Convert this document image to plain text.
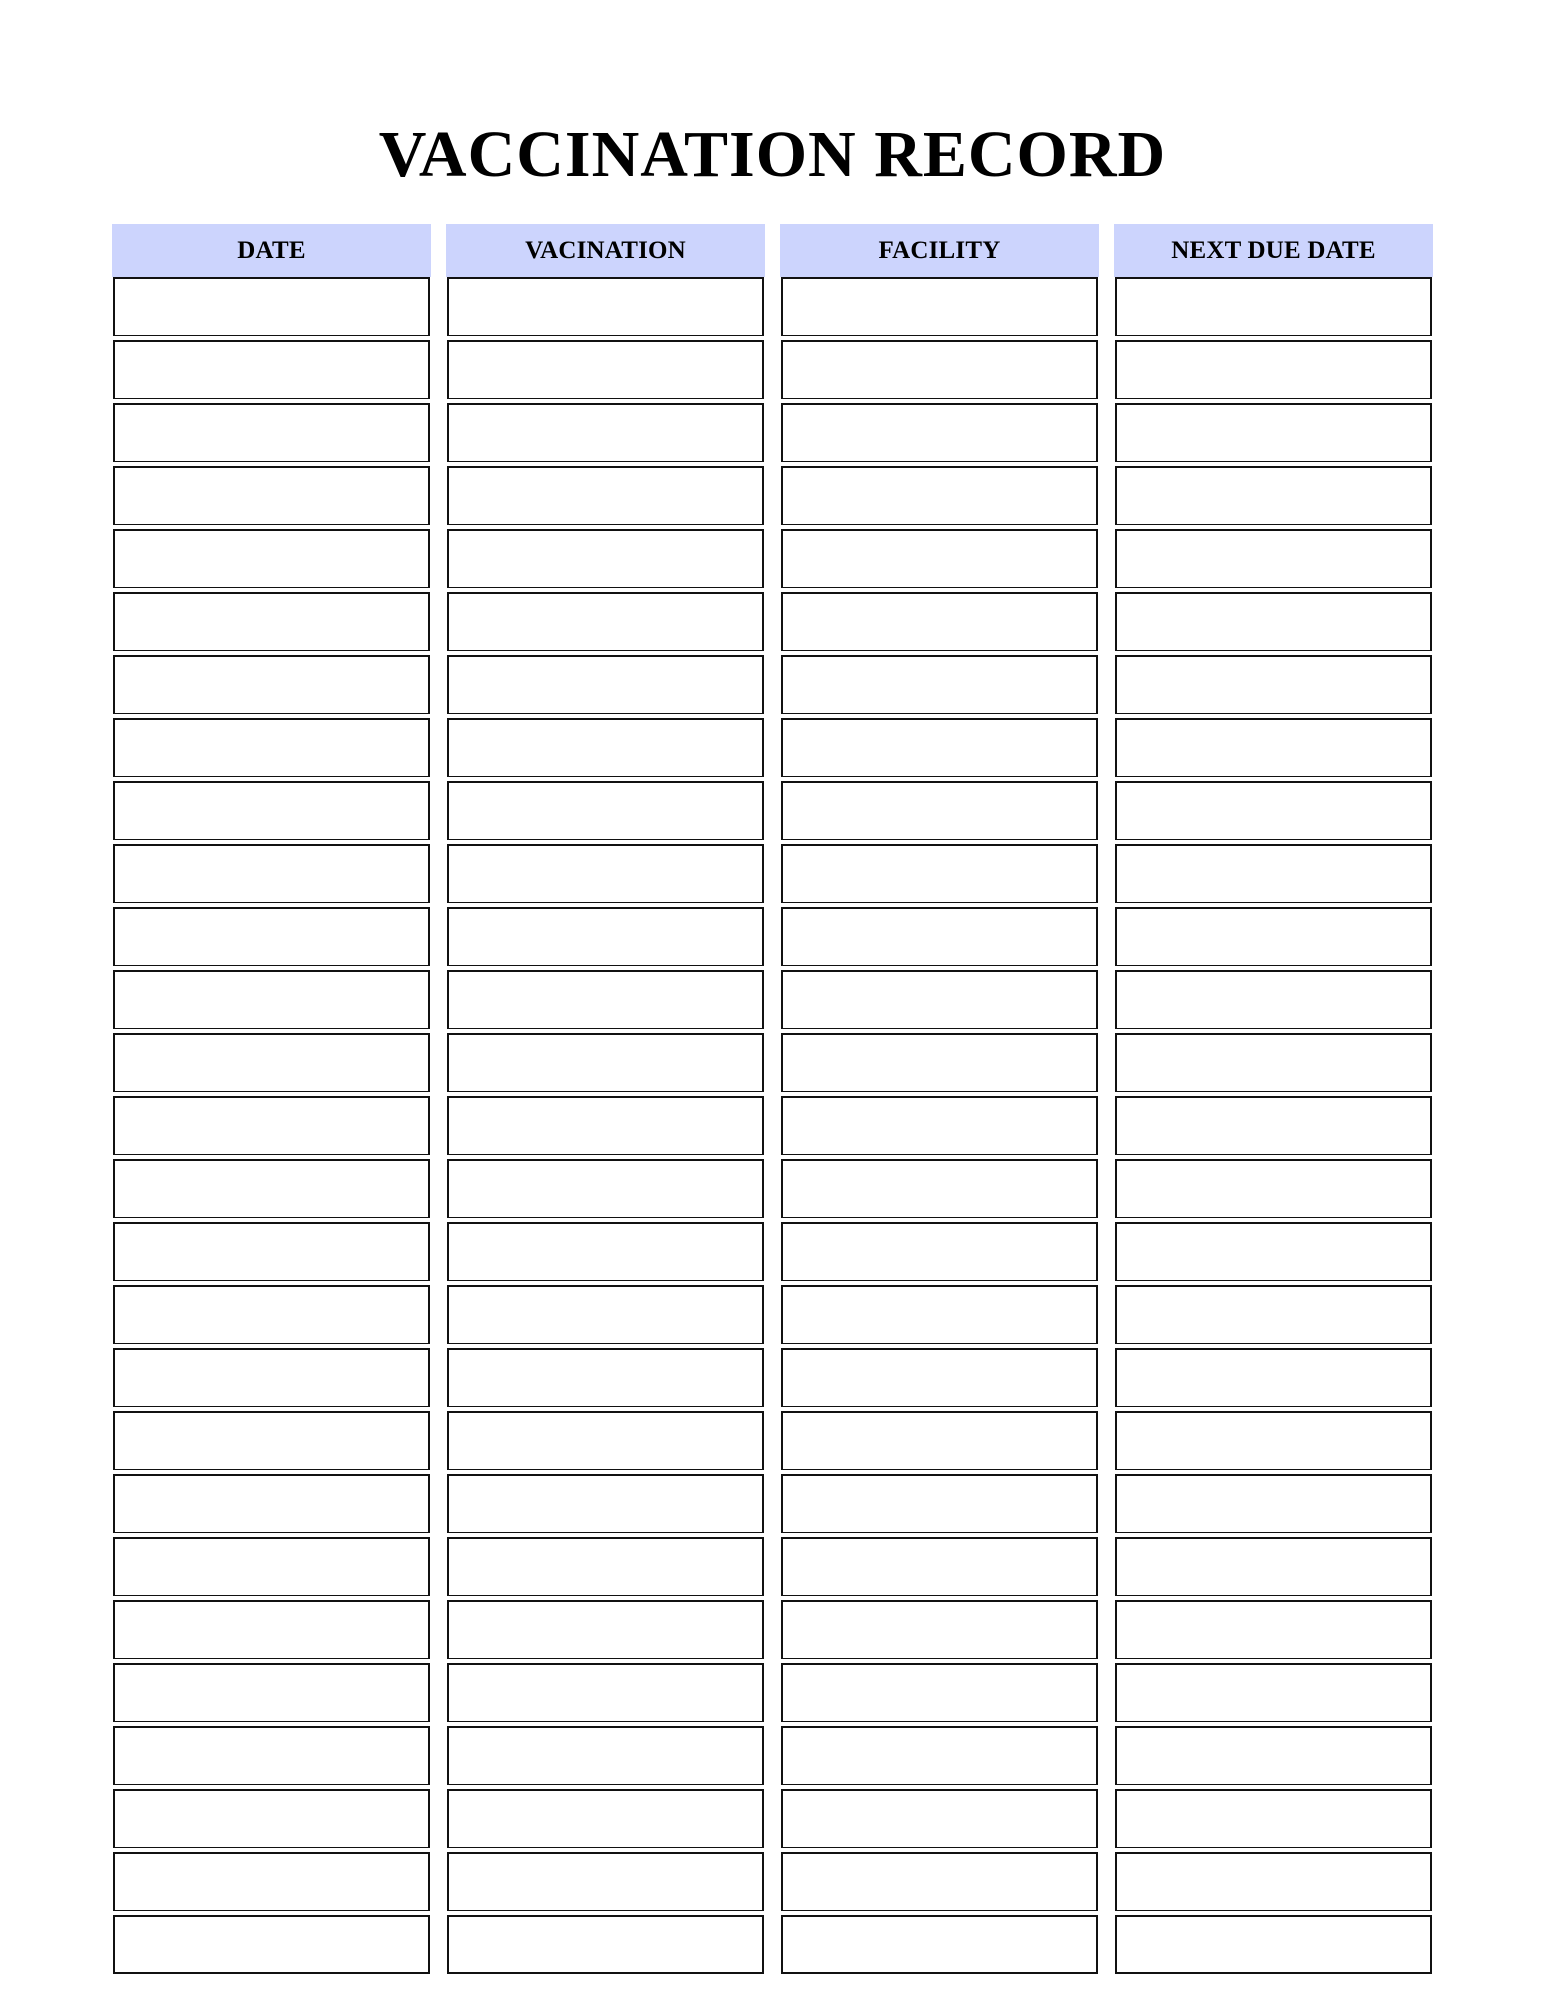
VACCINATION RECORD
DATE	VACINATION	FACILITY	NEXT DUE DATE
